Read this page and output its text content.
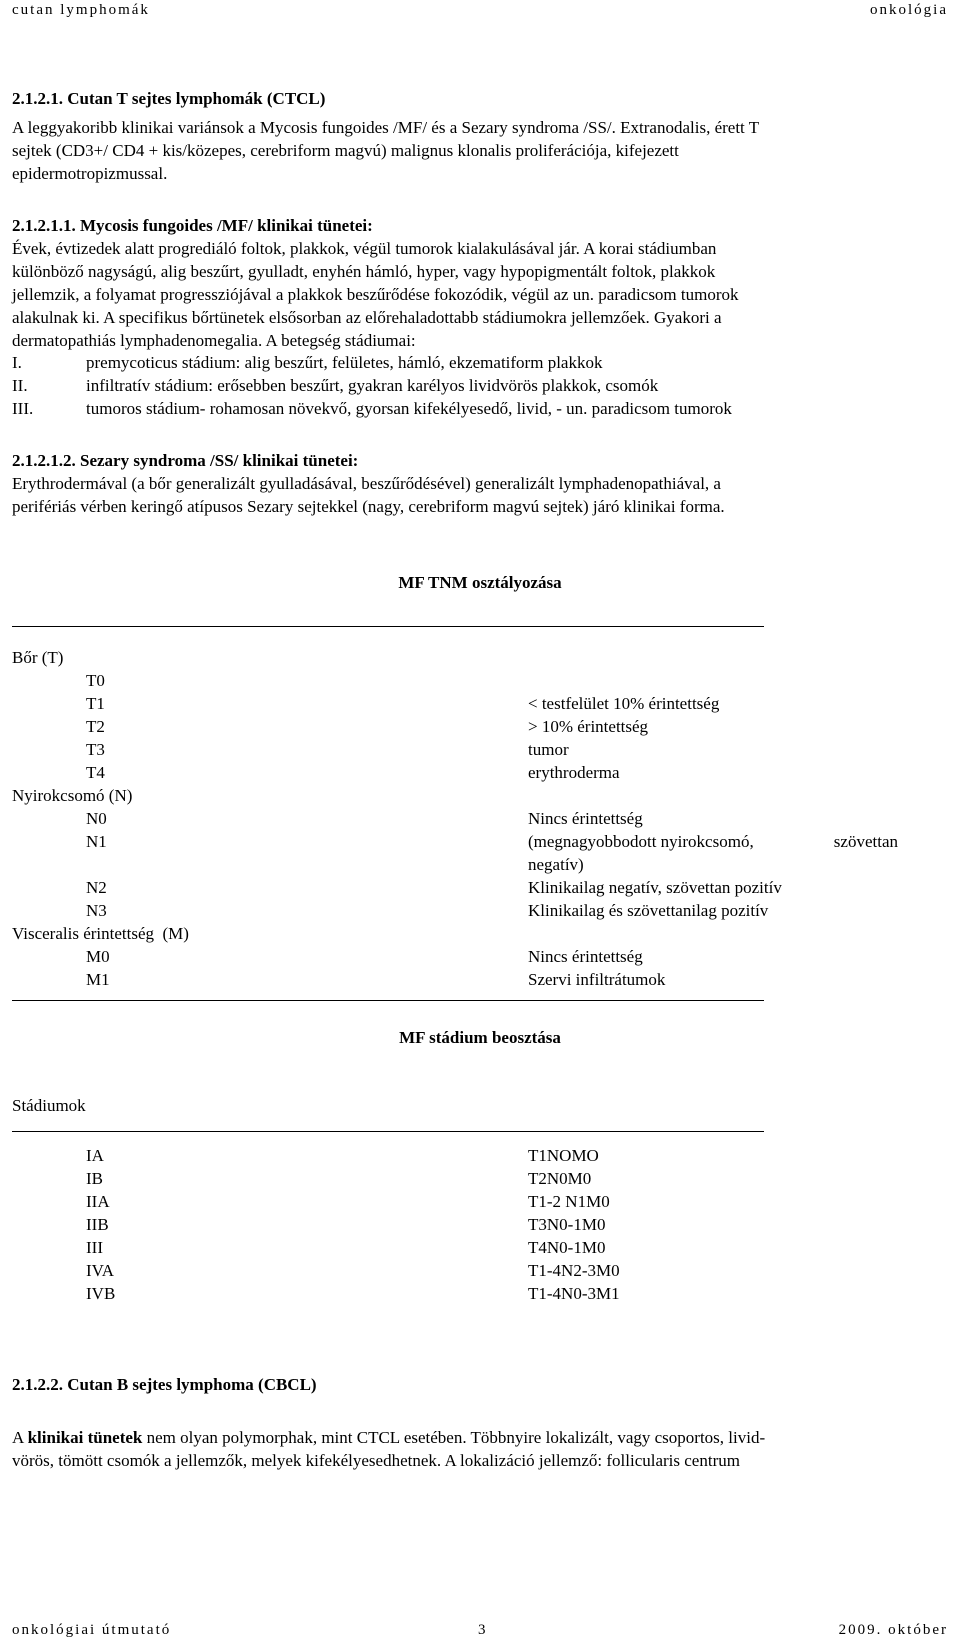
cutan lymphomák	onkológia
2.1.2.1. Cutan T sejtes lymphomák (CTCL)
A leggyakoribb klinikai variánsok a Mycosis fungoides /MF/ és a Sezary syndroma /SS/. Extranodalis, érett T
sejtek (CD3+/ CD4 + kis/közepes, cerebriform magvú) malignus klonalis proliferációja, kifejezett
epidermotropizmussal.
2.1.2.1.1. Mycosis fungoides /MF/ klinikai tünetei:
Évek, évtizedek alatt progrediáló foltok, plakkok, végül tumorok kialakulásával jár. A korai stádiumban
különböző nagyságú, alig beszűrt, gyulladt, enyhén hámló, hyper, vagy hypopigmentált foltok, plakkok
jellemzik, a folyamat progressziójával a plakkok beszűrődése fokozódik, végül az un. paradicsom tumorok
alakulnak ki. A specifikus bőrtünetek elsősorban az előrehaladottabb stádiumokra jellemzőek. Gyakori a
dermatopathiás lymphadenomegalia. A betegség stádiumai:
I.	premycoticus stádium: alig beszűrt, felületes, hámló, ekzematiform plakkok
II.	infiltratív stádium: erősebben beszűrt, gyakran karélyos lividvörös plakkok, csomók
III.	tumoros stádium- rohamosan növekvő, gyorsan kifekélyesedő, livid, - un. paradicsom tumorok
2.1.2.1.2. Sezary syndroma /SS/ klinikai tünetei:
Erythrodermával (a bőr generalizált gyulladásával, beszűrődésével) generalizált lymphadenopathiával, a
perifériás vérben keringő atípusos Sezary sejtekkel (nagy, cerebriform magvú sejtek) járó klinikai forma.
MF TNM osztályozása
Bőr (T)
T0
T1	< testfelület 10% érintettség
T2	> 10% érintettség
T3	tumor
T4	erythroderma
Nyirokcsomó (N)
N0	Nincs érintettség
N1	(megnagyobbodott nyirokcsomó,	szövettan
negatív)
N2	Klinikailag negatív, szövettan pozitív
N3	Klinikailag és szövettanilag pozitív
Visceralis érintettség  (M)
M0	Nincs érintettség
M1	Szervi infiltrátumok
MF stádium beosztása
Stádiumok
IA	T1NOMO
IB	T2N0M0
IIA	T1-2 N1M0
IIB	T3N0-1M0
III	T4N0-1M0
IVA	T1-4N2-3M0
IVB	T1-4N0-3M1
2.1.2.2. Cutan B sejtes lymphoma (CBCL)
A klinikai tünetek nem olyan polymorphak, mint CTCL esetében. Többnyire lokalizált, vagy csoportos, livid-
vörös, tömött csomók a jellemzők, melyek kifekélyesedhetnek. A lokalizáció jellemző: follicularis centrum
onkológiai útmutató	3	2009. október
